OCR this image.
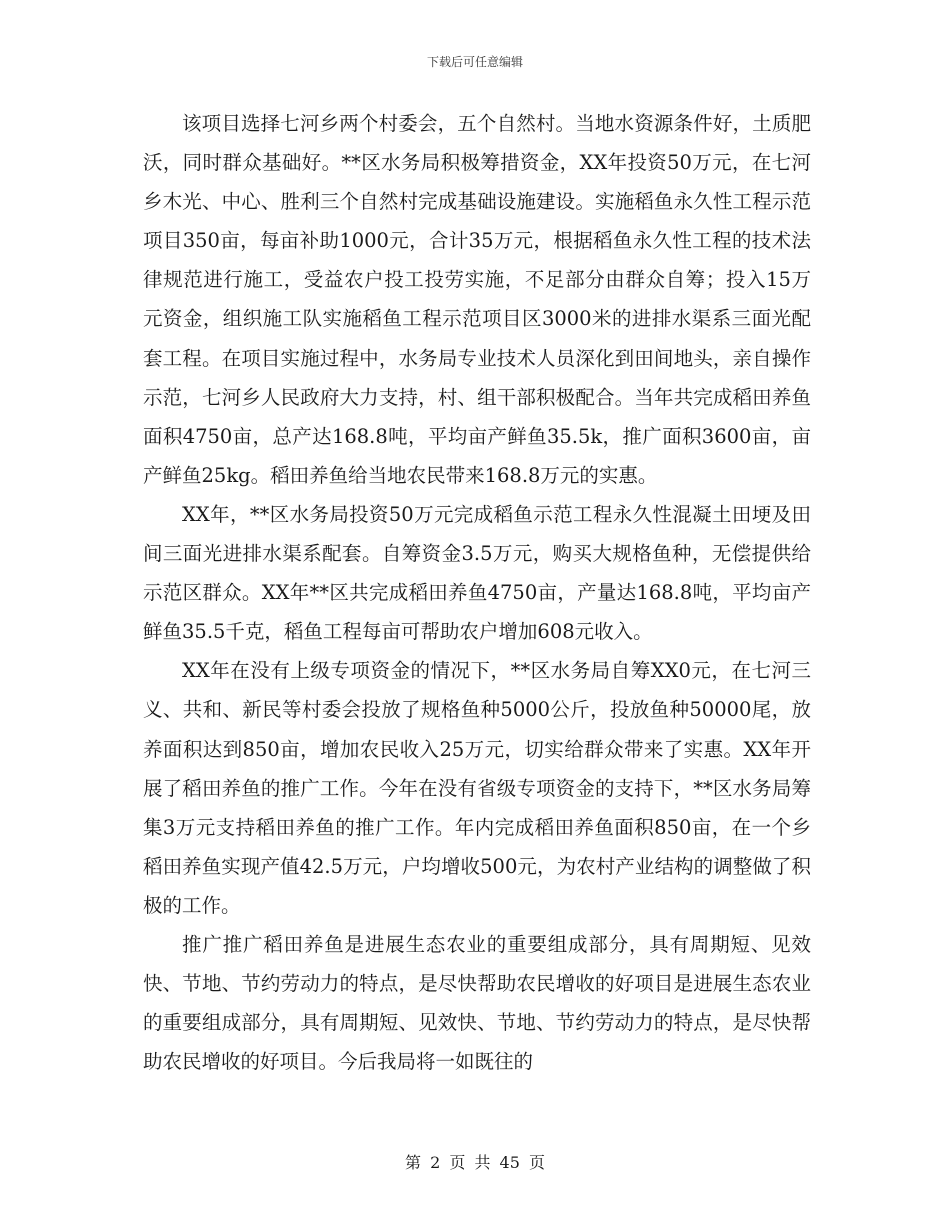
下载后可任意编辑

该项目选择七河乡两个村委会，五个自然村。当地水资源条件好，土质肥沃，同时群众基础好。**区水务局积极筹措资金，XX年投资50万元，在七河乡木光、中心、胜利三个自然村完成基础设施建设。实施稻鱼永久性工程示范项目350亩，每亩补助1000元，合计35万元，根据稻鱼永久性工程的技术法律规范进行施工，受益农户投工投劳实施，不足部分由群众自筹；投入15万元资金，组织施工队实施稻鱼工程示范项目区3000米的进排水渠系三面光配套工程。在项目实施过程中，水务局专业技术人员深化到田间地头，亲自操作示范，七河乡人民政府大力支持，村、组干部积极配合。当年共完成稻田养鱼面积4750亩，总产达168.8吨，平均亩产鲜鱼35.5k，推广面积3600亩，亩产鲜鱼25kg。稻田养鱼给当地农民带来168.8万元的实惠。

XX年，**区水务局投资50万元完成稻鱼示范工程永久性混凝土田埂及田间三面光进排水渠系配套。自筹资金3.5万元，购买大规格鱼种，无偿提供给示范区群众。XX年**区共完成稻田养鱼4750亩，产量达168.8吨，平均亩产鲜鱼35.5千克，稻鱼工程每亩可帮助农户增加608元收入。

XX年在没有上级专项资金的情况下，**区水务局自筹XX0元，在七河三义、共和、新民等村委会投放了规格鱼种5000公斤，投放鱼种50000尾，放养面积达到850亩，增加农民收入25万元，切实给群众带来了实惠。XX年开展了稻田养鱼的推广工作。今年在没有省级专项资金的支持下，**区水务局筹集3万元支持稻田养鱼的推广工作。年内完成稻田养鱼面积850亩，在一个乡稻田养鱼实现产值42.5万元，户均增收500元，为农村产业结构的调整做了积极的工作。

推广推广稻田养鱼是进展生态农业的重要组成部分，具有周期短、见效快、节地、节约劳动力的特点，是尽快帮助农民增收的好项目是进展生态农业的重要组成部分，具有周期短、见效快、节地、节约劳动力的特点，是尽快帮助农民增收的好项目。今后我局将一如既往的

第 2 页 共 45 页
